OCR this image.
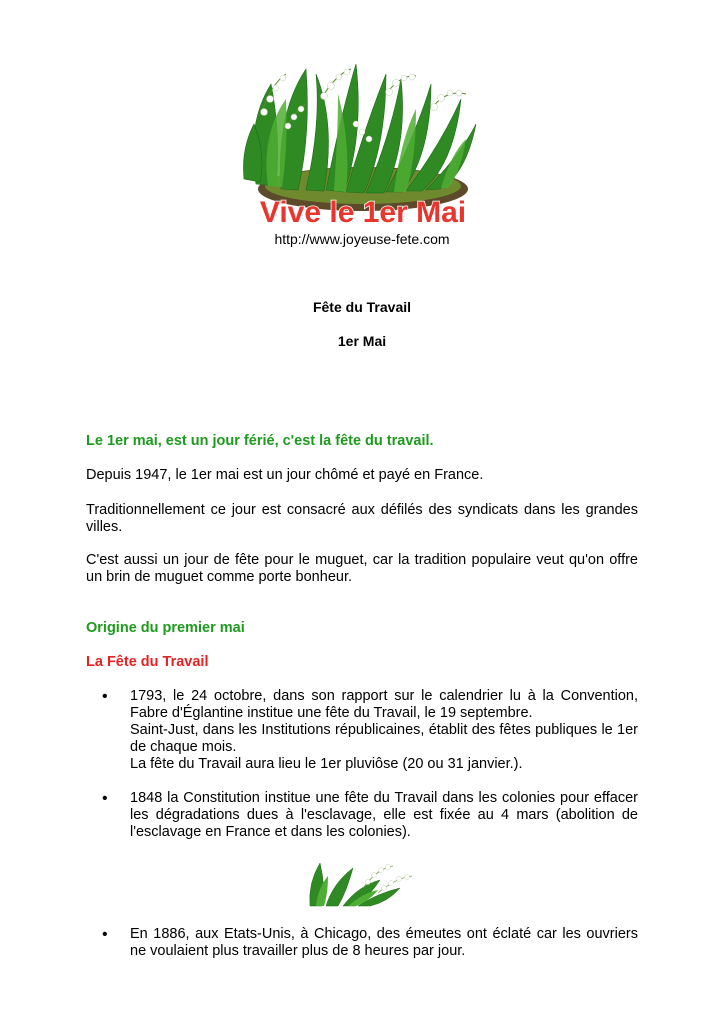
Vive le 1er Mai
http://www.joyeuse-fete.com
Fête du Travail
1er Mai

Le 1er mai, est un jour férié, c'est la fête du travail.

Depuis 1947, le 1er mai est un jour chômé et payé en France.

Traditionnellement ce jour est consacré aux défilés des syndicats dans les grandes villes.

C'est aussi un jour de fête pour le muguet, car la tradition populaire veut qu'on offre un brin de muguet comme porte bonheur.

Origine du premier mai

La Fête du Travail

• 1793, le 24 octobre, dans son rapport sur le calendrier lu à la Convention, Fabre d'Églantine institue une fête du Travail, le 19 septembre.
Saint-Just, dans les Institutions républicaines, établit des fêtes publiques le 1er de chaque mois.
La fête du Travail aura lieu le 1er pluviôse (20 ou 31 janvier.).
• 1848 la Constitution institue une fête du Travail dans les colonies pour effacer les dégradations dues à l'esclavage, elle est fixée au 4 mars (abolition de l'esclavage en France et dans les colonies).
• En 1886, aux Etats-Unis, à Chicago, des émeutes ont éclaté car les ouvriers ne voulaient plus travailler plus de 8 heures par jour.
